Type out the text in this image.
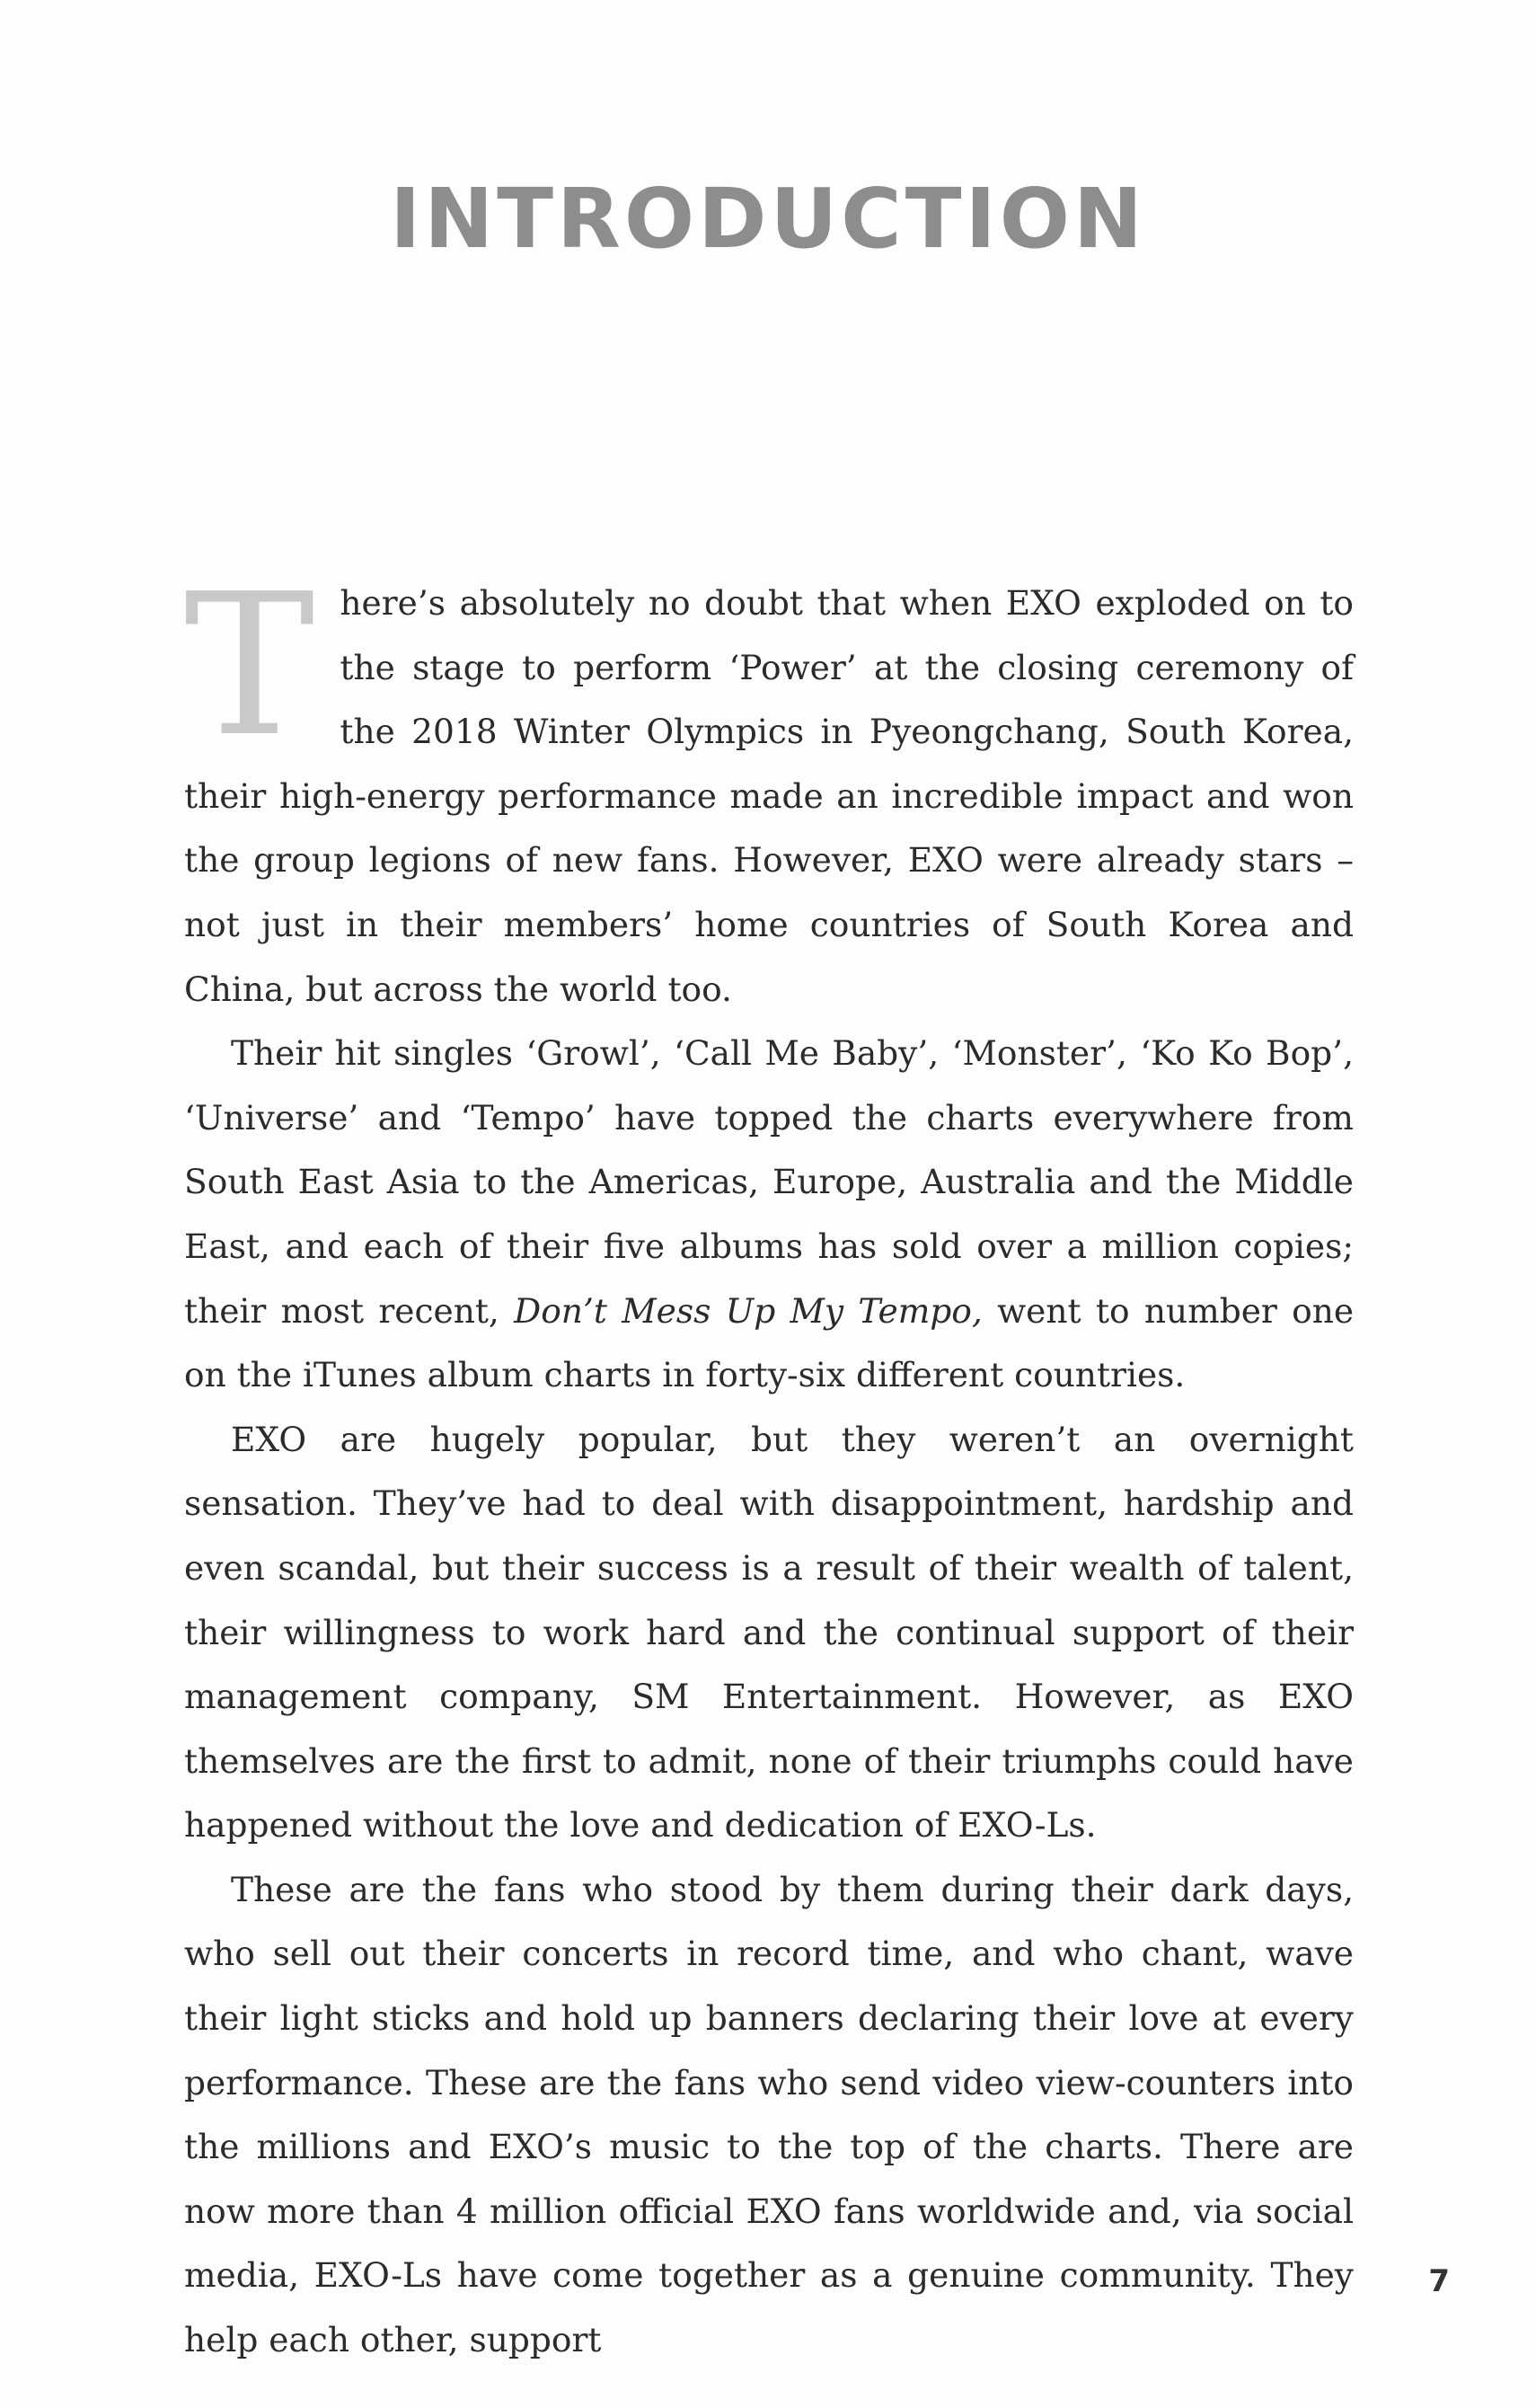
INTRODUCTION

There’s absolutely no doubt that when EXO exploded on to the stage to perform ‘Power’ at the closing ceremony of the 2018 Winter Olympics in Pyeongchang, South Korea, their high-energy performance made an incredible impact and won the group legions of new fans. However, EXO were already stars – not just in their members’ home countries of South Korea and China, but across the world too.

Their hit singles ‘Growl’, ‘Call Me Baby’, ‘Monster’, ‘Ko Ko Bop’, ‘Universe’ and ‘Tempo’ have topped the charts everywhere from South East Asia to the Americas, Europe, Australia and the Middle East, and each of their five albums has sold over a million copies; their most recent, Don’t Mess Up My Tempo, went to number one on the iTunes album charts in forty-six different countries.

EXO are hugely popular, but they weren’t an overnight sensation. They’ve had to deal with disappointment, hardship and even scandal, but their success is a result of their wealth of talent, their willingness to work hard and the continual support of their management company, SM Entertainment. However, as EXO themselves are the first to admit, none of their triumphs could have happened without the love and dedication of EXO-Ls.

These are the fans who stood by them during their dark days, who sell out their concerts in record time, and who chant, wave their light sticks and hold up banners declaring their love at every performance. These are the fans who send video view-counters into the millions and EXO’s music to the top of the charts. There are now more than 4 million official EXO fans worldwide and, via social media, EXO-Ls have come together as a genuine community. They help each other, support

7
